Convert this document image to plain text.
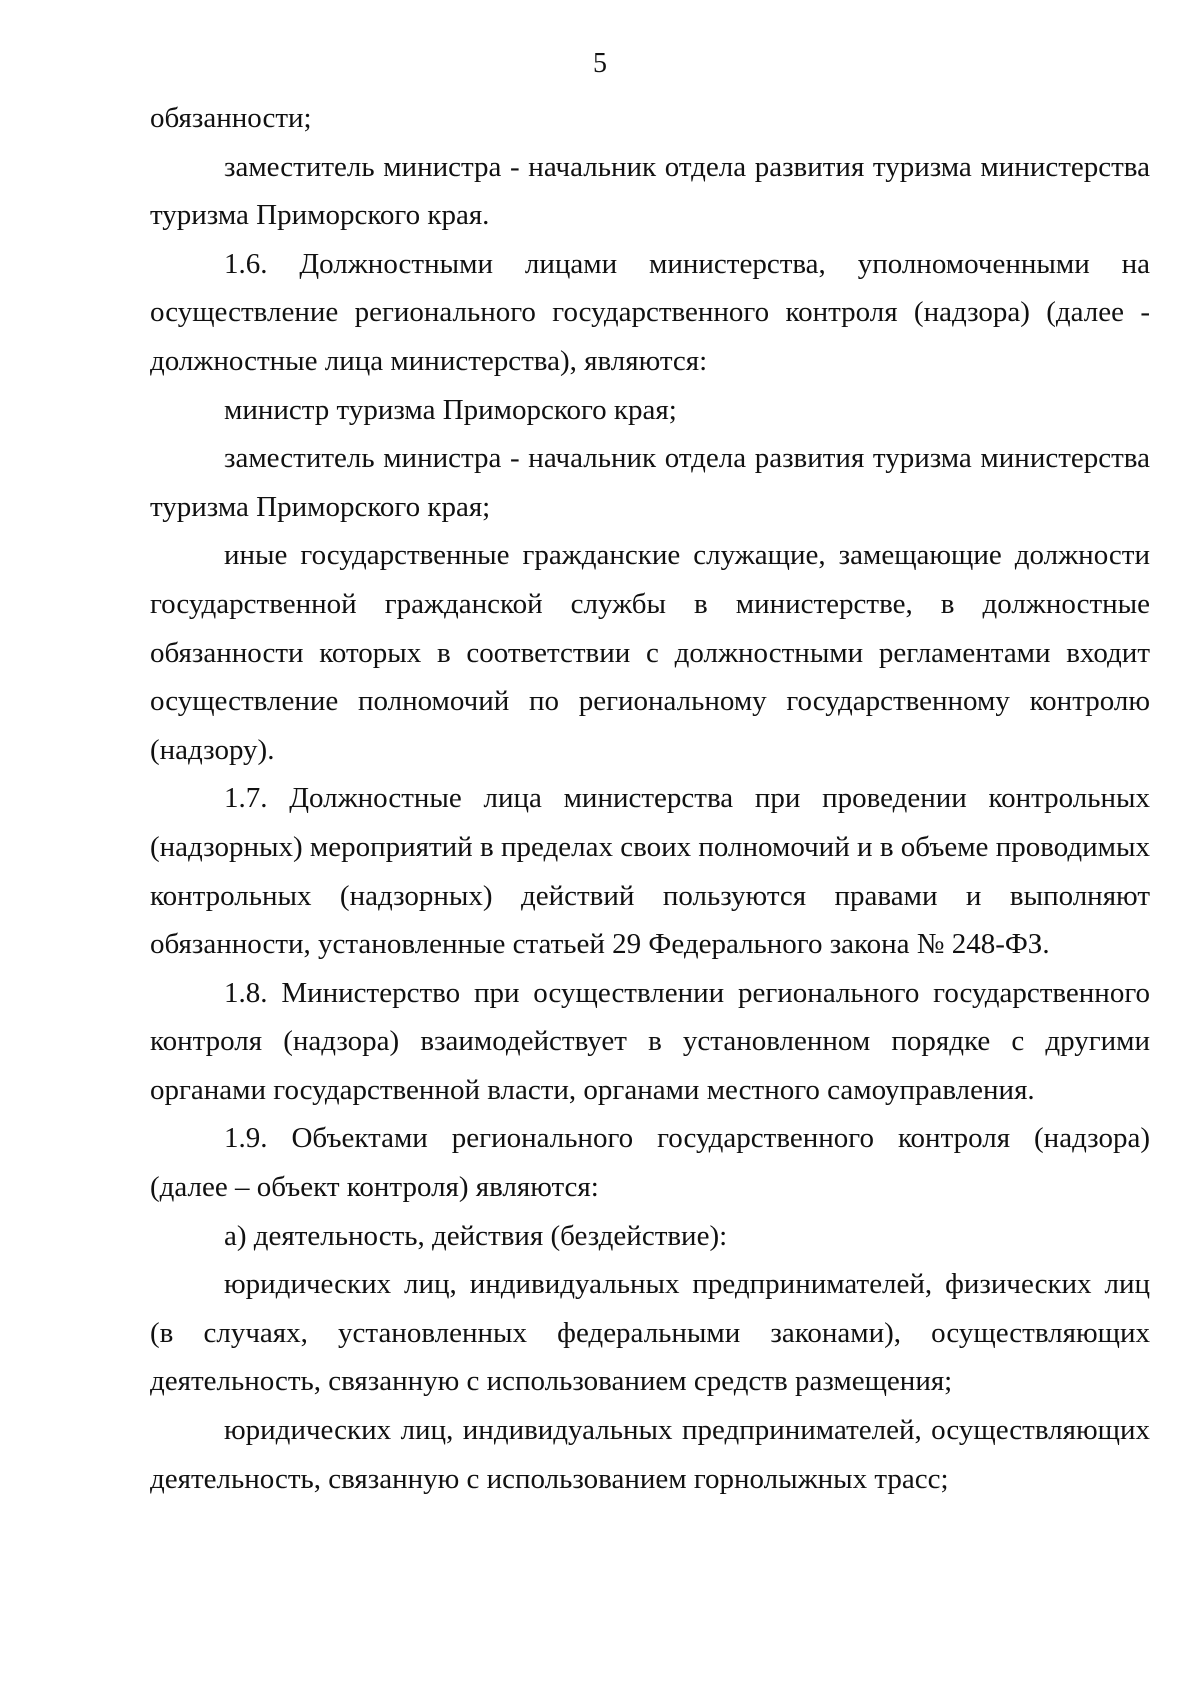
5

обязанности;

заместитель министра - начальник отдела развития туризма министерства туризма Приморского края.

1.6. Должностными лицами министерства, уполномоченными на осуществление регионального государственного контроля (надзора) (далее - должностные лица министерства), являются:

министр туризма Приморского края;

заместитель министра - начальник отдела развития туризма министерства туризма Приморского края;

иные государственные гражданские служащие, замещающие должности государственной гражданской службы в министерстве, в должностные обязанности которых в соответствии с должностными регламентами входит осуществление полномочий по региональному государственному контролю (надзору).

1.7. Должностные лица министерства при проведении контрольных (надзорных) мероприятий в пределах своих полномочий и в объеме проводимых контрольных (надзорных) действий пользуются правами и выполняют обязанности, установленные статьей 29 Федерального закона № 248-ФЗ.

1.8. Министерство при осуществлении регионального государственного контроля (надзора) взаимодействует в установленном порядке с другими органами государственной власти, органами местного самоуправления.

1.9. Объектами регионального государственного контроля (надзора) (далее – объект контроля) являются:

а) деятельность, действия (бездействие):

юридических лиц, индивидуальных предпринимателей, физических лиц (в случаях, установленных федеральными законами), осуществляющих деятельность, связанную с использованием средств размещения;

юридических лиц, индивидуальных предпринимателей, осуществляющих деятельность, связанную с использованием горнолыжных трасс;
